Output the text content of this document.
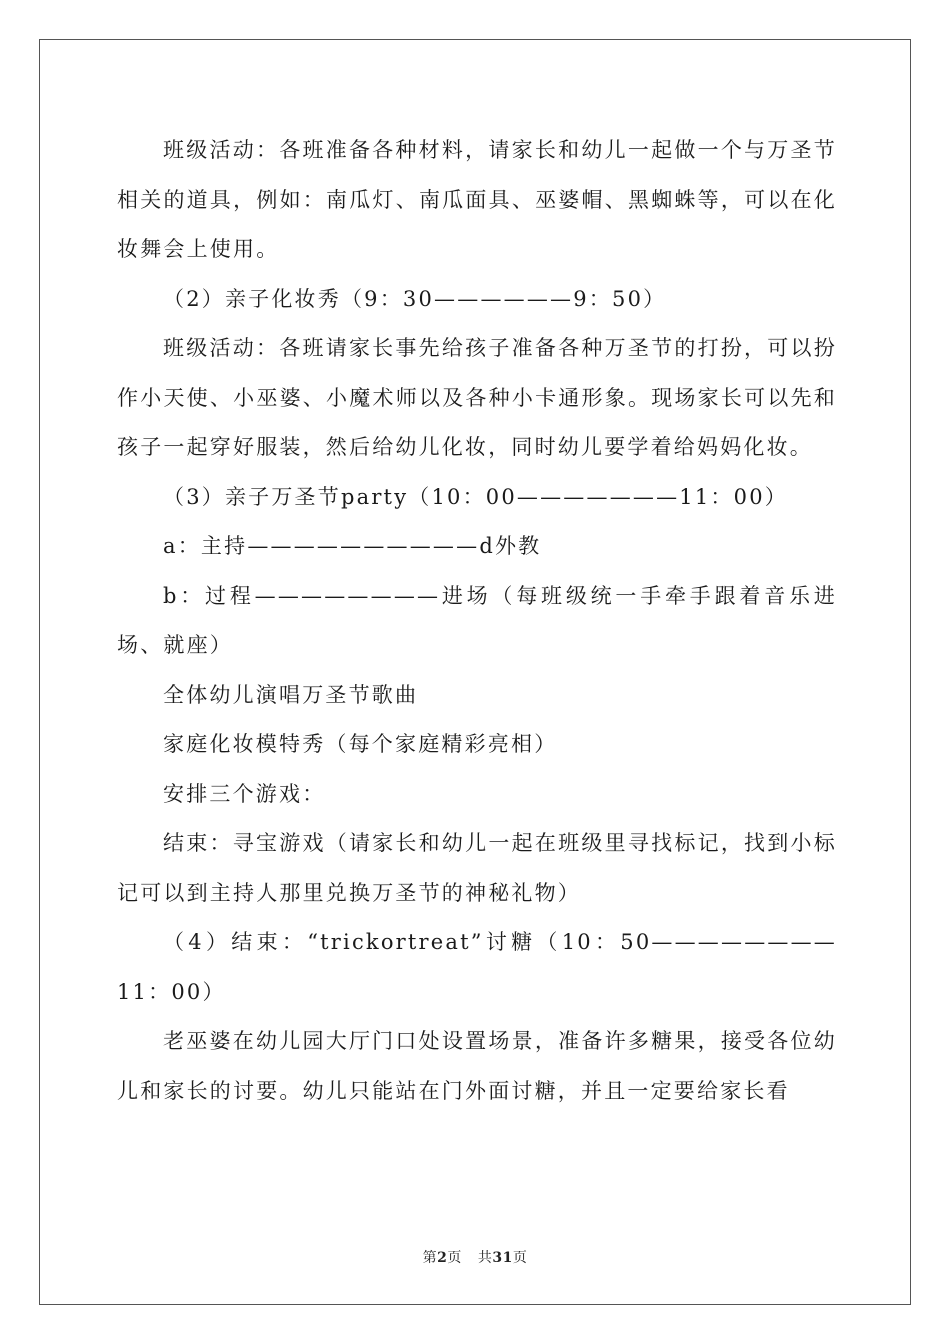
班级活动：各班准备各种材料，请家长和幼儿一起做一个与万圣节相关的道具，例如：南瓜灯、南瓜面具、巫婆帽、黑蜘蛛等，可以在化妆舞会上使用。

（2）亲子化妆秀（9：30——————9：50）

班级活动：各班请家长事先给孩子准备各种万圣节的打扮，可以扮作小天使、小巫婆、小魔术师以及各种小卡通形象。现场家长可以先和孩子一起穿好服装，然后给幼儿化妆，同时幼儿要学着给妈妈化妆。

（3）亲子万圣节party（10：00———————11：00）

a：主持——————————d外教

b：过程————————进场（每班级统一手牵手跟着音乐进场、就座）

全体幼儿演唱万圣节歌曲

家庭化妆模特秀（每个家庭精彩亮相）

安排三个游戏：

结束：寻宝游戏（请家长和幼儿一起在班级里寻找标记，找到小标记可以到主持人那里兑换万圣节的神秘礼物）

（4）结束：“trickortreat”讨糖（10：50————————11：00）

老巫婆在幼儿园大厅门口处设置场景，准备许多糖果，接受各位幼儿和家长的讨要。幼儿只能站在门外面讨糖，并且一定要给家长看

第2页 共31页
